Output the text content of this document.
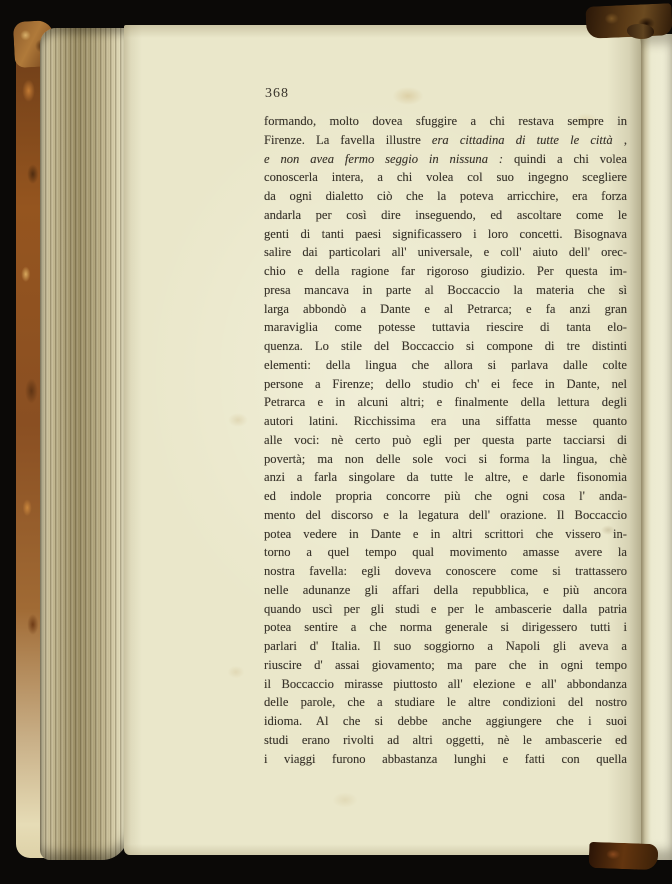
368
formando, molto dovea sfuggire a chi restava sempre in
Firenze. La favella illustre era cittadina di tutte le città ,
e non avea fermo seggio in nissuna : quindi a chi volea
conoscerla intera, a chi volea col suo ingegno scegliere
da ogni dialetto ciò che la poteva arricchire, era forza
andarla per così dire inseguendo, ed ascoltare come le
genti di tanti paesi significassero i loro concetti. Bisognava
salire dai particolari all' universale, e coll' aiuto dell' orec-
chio e della ragione far rigoroso giudizio. Per questa im-
presa mancava in parte al Boccaccio la materia che sì
larga abbondò a Dante e al Petrarca; e fa anzi gran
maraviglia come potesse tuttavia riescire di tanta elo-
quenza. Lo stile del Boccaccio si compone di tre distinti
elementi: della lingua che allora si parlava dalle colte
persone a Firenze; dello studio ch' ei fece in Dante, nel
Petrarca e in alcuni altri; e finalmente della lettura degli
autori latini. Ricchissima era una siffatta messe quanto
alle voci: nè certo può egli per questa parte tacciarsi di
povertà; ma non delle sole voci si forma la lingua, chè
anzi a farla singolare da tutte le altre, e darle fisonomia
ed indole propria concorre più che ogni cosa l' anda-
mento del discorso e la legatura dell' orazione. Il Boccaccio
potea vedere in Dante e in altri scrittori che vissero in-
torno a quel tempo qual movimento amasse avere la
nostra favella: egli doveva conoscere come si trattassero
nelle adunanze gli affari della repubblica, e più ancora
quando uscì per gli studi e per le ambascerie dalla patria
potea sentire a che norma generale si dirigessero tutti i
parlari d' Italia. Il suo soggiorno a Napoli gli aveva a
riuscire d' assai giovamento; ma pare che in ogni tempo
il Boccaccio mirasse piuttosto all' elezione e all' abbondanza
delle parole, che a studiare le altre condizioni del nostro
idioma. Al che si debbe anche aggiungere che i suoi
studi erano rivolti ad altri oggetti, nè le ambascerie ed
i viaggi furono abbastanza lunghi e fatti con quella
